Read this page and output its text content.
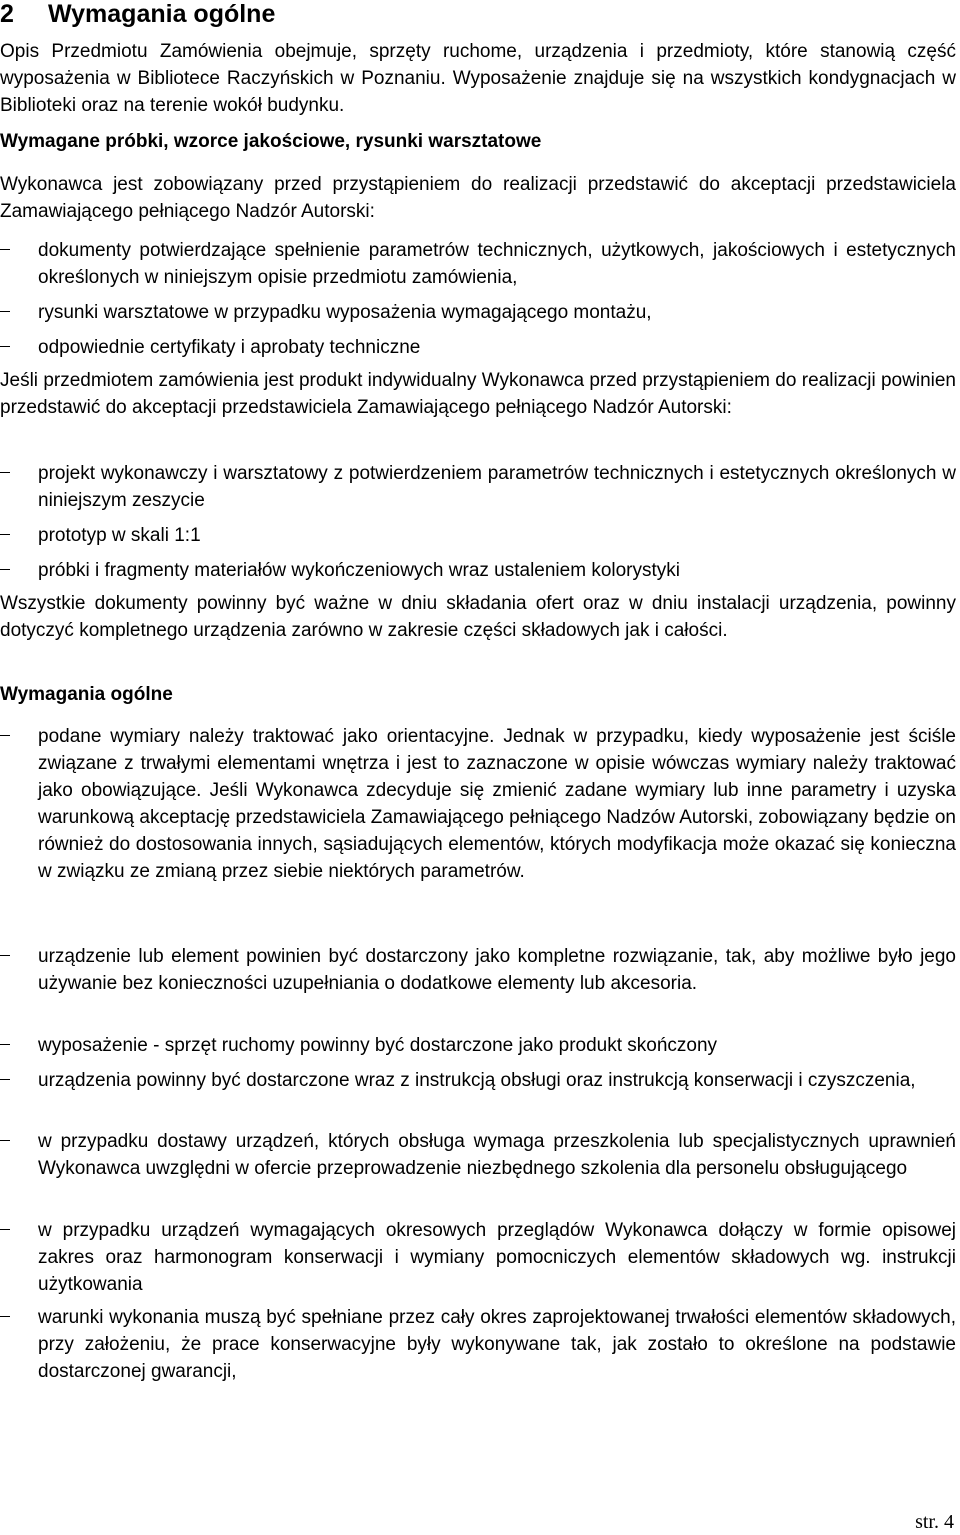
2 Wymagania ogólne

Opis Przedmiotu Zamówienia obejmuje, sprzęty ruchome, urządzenia i przedmioty, które stanowią część wyposażenia w Bibliotece Raczyńskich w Poznaniu. Wyposażenie znajduje się na wszystkich kondygnacjach w Biblioteki oraz na terenie wokół budynku.

Wymagane próbki, wzorce jakościowe, rysunki warsztatowe

Wykonawca jest zobowiązany przed przystąpieniem do realizacji przedstawić do akceptacji przedstawiciela Zamawiającego pełniącego Nadzór Autorski:

dokumenty potwierdzające spełnienie parametrów technicznych, użytkowych, jakościowych i estetycznych określonych w niniejszym opisie przedmiotu zamówienia,

rysunki warsztatowe w przypadku wyposażenia wymagającego montażu,

odpowiednie certyfikaty i aprobaty techniczne

Jeśli przedmiotem zamówienia jest produkt indywidualny Wykonawca przed przystąpieniem do realizacji powinien przedstawić do akceptacji przedstawiciela Zamawiającego pełniącego Nadzór Autorski:

projekt wykonawczy i warsztatowy z potwierdzeniem parametrów technicznych i estetycznych określonych w niniejszym zeszycie

prototyp w skali 1:1

próbki i fragmenty materiałów wykończeniowych wraz ustaleniem kolorystyki

Wszystkie dokumenty powinny być ważne w dniu składania ofert oraz w dniu instalacji urządzenia, powinny dotyczyć kompletnego urządzenia zarówno w zakresie części składowych jak i całości.

Wymagania ogólne

podane wymiary należy traktować jako orientacyjne. Jednak w przypadku, kiedy wyposażenie jest ściśle związane z trwałymi elementami wnętrza i jest to zaznaczone w opisie wówczas wymiary należy traktować jako obowiązujące. Jeśli Wykonawca zdecyduje się zmienić zadane wymiary lub inne parametry i uzyska warunkową akceptację przedstawiciela Zamawiającego pełniącego Nadzów Autorski, zobowiązany będzie on również do dostosowania innych, sąsiadujących elementów, których modyfikacja może okazać się konieczna w związku ze zmianą przez siebie niektórych parametrów.

urządzenie lub element powinien być dostarczony jako kompletne rozwiązanie, tak, aby możliwe było jego używanie bez konieczności uzupełniania o dodatkowe elementy lub akcesoria.

wyposażenie - sprzęt ruchomy powinny być dostarczone jako produkt skończony

urządzenia powinny być dostarczone wraz z instrukcją obsługi oraz instrukcją konserwacji i czyszczenia,

w przypadku dostawy urządzeń, których obsługa wymaga przeszkolenia lub specjalistycznych uprawnień Wykonawca uwzględni w ofercie przeprowadzenie niezbędnego szkolenia dla personelu obsługującego

w przypadku urządzeń wymagających okresowych przeglądów Wykonawca dołączy w formie opisowej zakres oraz harmonogram konserwacji i wymiany pomocniczych elementów składowych wg. instrukcji użytkowania

warunki wykonania muszą być spełniane przez cały okres zaprojektowanej trwałości elementów składowych, przy założeniu, że prace konserwacyjne były wykonywane tak, jak zostało to określone na podstawie dostarczonej gwarancji,

str. 4
